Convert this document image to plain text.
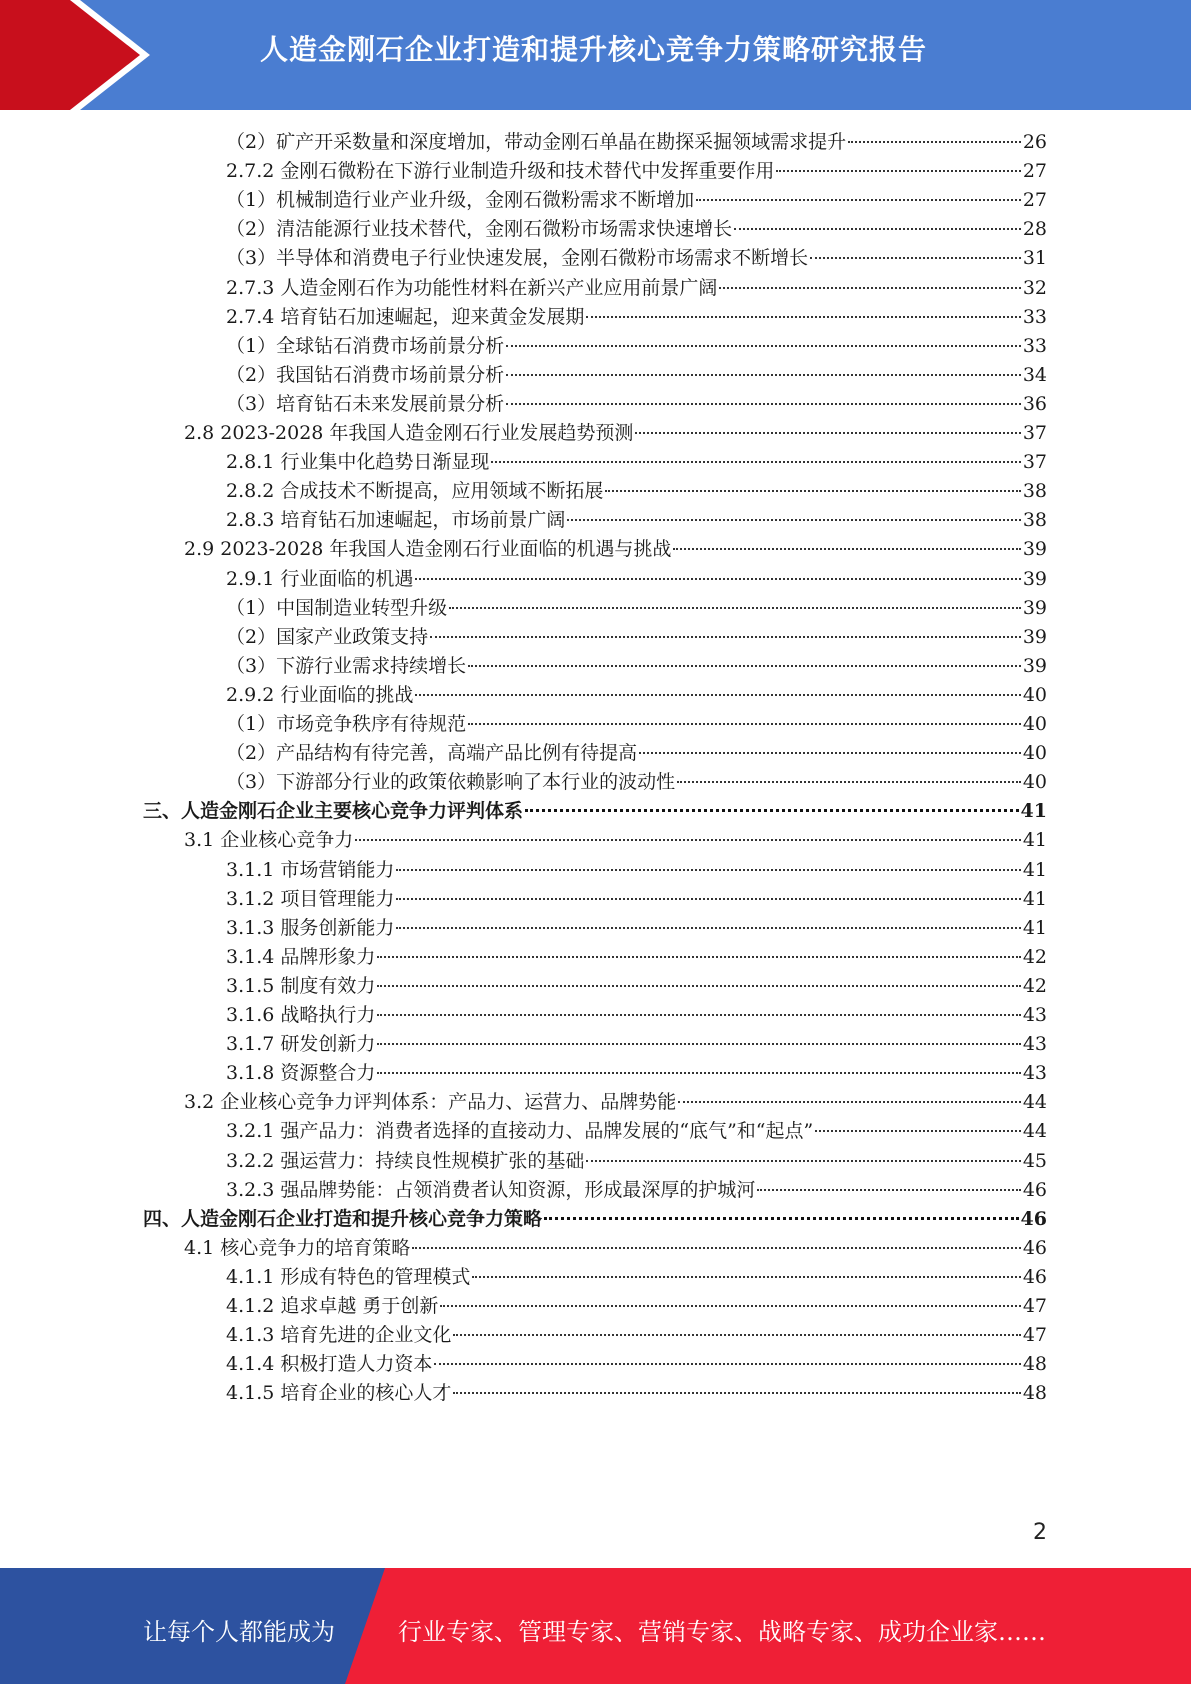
人造金刚石企业打造和提升核心竞争力策略研究报告
（2）矿产开采数量和深度增加，带动金刚石单晶在勘探采掘领域需求提升	26
2.7.2 金刚石微粉在下游行业制造升级和技术替代中发挥重要作用	27
（1）机械制造行业产业升级，金刚石微粉需求不断增加	27
（2）清洁能源行业技术替代，金刚石微粉市场需求快速增长	28
（3）半导体和消费电子行业快速发展，金刚石微粉市场需求不断增长	31
2.7.3 人造金刚石作为功能性材料在新兴产业应用前景广阔	32
2.7.4 培育钻石加速崛起，迎来黄金发展期	33
（1）全球钻石消费市场前景分析	33
（2）我国钻石消费市场前景分析	34
（3）培育钻石未来发展前景分析	36
2.8 2023-2028 年我国人造金刚石行业发展趋势预测	37
2.8.1 行业集中化趋势日渐显现	37
2.8.2 合成技术不断提高，应用领域不断拓展	38
2.8.3 培育钻石加速崛起，市场前景广阔	38
2.9 2023-2028 年我国人造金刚石行业面临的机遇与挑战	39
2.9.1 行业面临的机遇	39
（1）中国制造业转型升级	39
（2）国家产业政策支持	39
（3）下游行业需求持续增长	39
2.9.2 行业面临的挑战	40
（1）市场竞争秩序有待规范	40
（2）产品结构有待完善，高端产品比例有待提高	40
（3）下游部分行业的政策依赖影响了本行业的波动性	40
三、人造金刚石企业主要核心竞争力评判体系	41
3.1 企业核心竞争力	41
3.1.1 市场营销能力	41
3.1.2 项目管理能力	41
3.1.3 服务创新能力	41
3.1.4 品牌形象力	42
3.1.5 制度有效力	42
3.1.6 战略执行力	43
3.1.7 研发创新力	43
3.1.8 资源整合力	43
3.2 企业核心竞争力评判体系：产品力、运营力、品牌势能	44
3.2.1 强产品力：消费者选择的直接动力、品牌发展的“底气”和“起点”	44
3.2.2 强运营力：持续良性规模扩张的基础	45
3.2.3 强品牌势能：占领消费者认知资源，形成最深厚的护城河	46
四、人造金刚石企业打造和提升核心竞争力策略	46
4.1 核心竞争力的培育策略	46
4.1.1 形成有特色的管理模式	46
4.1.2 追求卓越 勇于创新	47
4.1.3 培育先进的企业文化	47
4.1.4 积极打造人力资本	48
4.1.5 培育企业的核心人才	48
2
让每个人都能成为	行业专家、管理专家、营销专家、战略专家、成功企业家……
